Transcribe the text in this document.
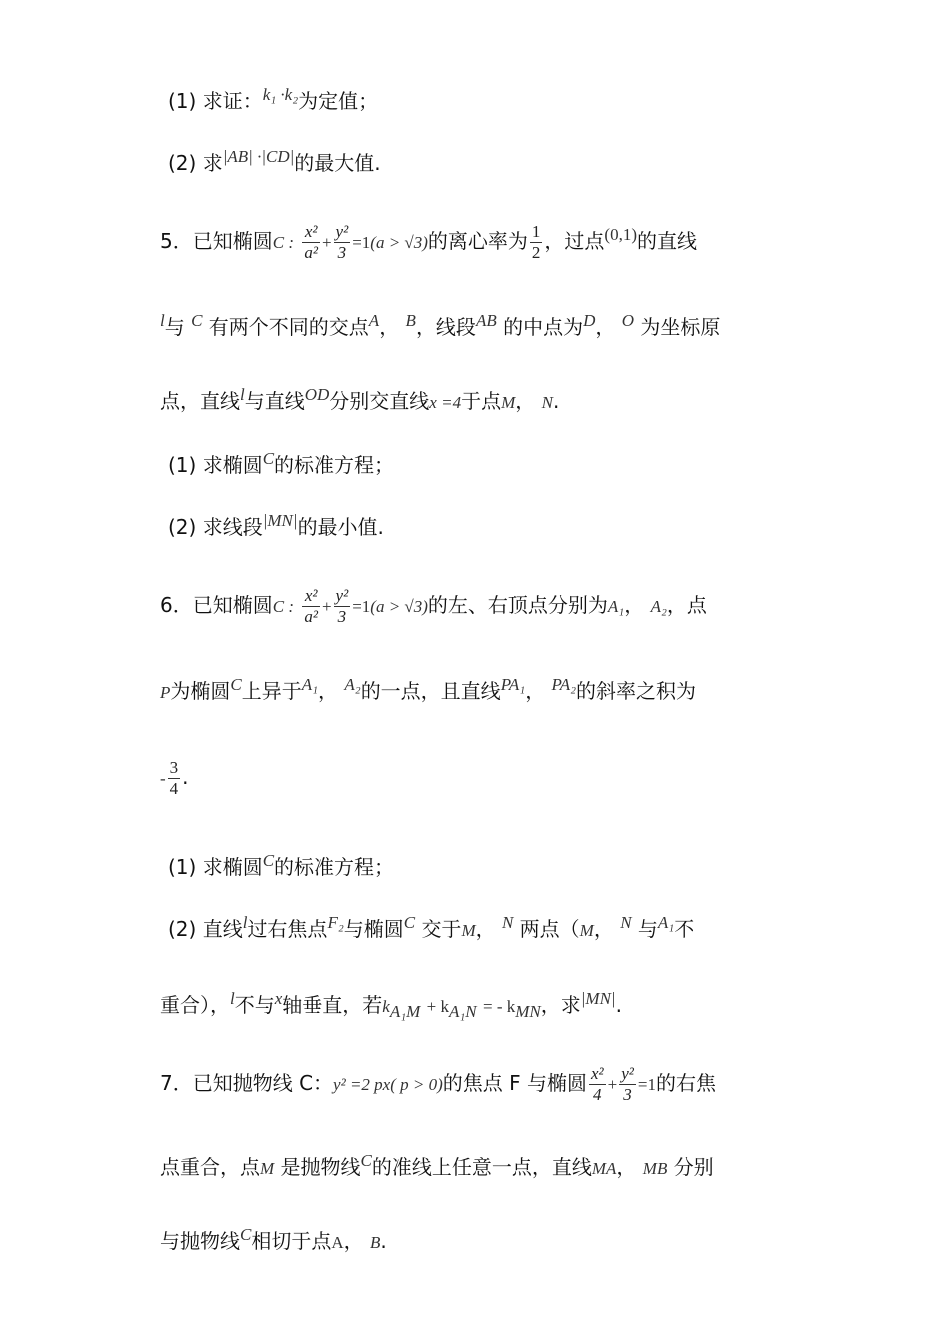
(1) 求证：$^{k_1 \cdot k_2}$为定值；
(2) 求$^{|AB| \cdot|CD|}$的最大值.
5．已知椭圆C : $\frac{\text{x²}}{\text{a²}} + \frac{\text{y²}}{3} =1(a > √3)$的离心率为 $\frac{1}{2}$ ，过点$^{(0,1)}$的直线
$^l$与 $^C$ 有两个不同的交点$^A$， $^B$，线段$^{AB}$ 的中点为$^D$， $^O$ 为坐标原
点，直线$^l$与直线$^{OD}$分别交直线x =4于点M， N.
(1) 求椭圆$^C$的标准方程；
(2) 求线段$^{|MN|}$的最小值.
6．已知椭圆C : $\frac{\text{x²}}{\text{a²}} + \frac{\text{y²}}{3} =1(a > √3)$的左、右顶点分别为A₁， A₂，点
P为椭圆$^C$上异于$^{A_1}$， $^{A_2}$的一点，且直线$^{PA_1}$， $^{PA_2}$的斜率之积为
- $\frac{3}{4}$ .
(1) 求椭圆$^C$的标准方程；
(2) 直线$^l$过右焦点$^{F_2}$与椭圆$^C$ 交于M， $^N$ 两点（M， $^N$ 与$^{A_1}$不
重合），$^l$不与$^x$轴垂直，若$k_{A_1M} + k_{A_1N}$ = - $k_{MN}$，求$^{|MN|}$.
7．已知抛物线 C：y² =2 px( p > 0)的焦点 F 与椭圆 $\frac{\text{x²}}{4} + \frac{\text{y²}}{3} =1$的右焦
点重合，点M 是抛物线$^C$的准线上任意一点，直线MA， MB 分别
与抛物线$^C$相切于点A， B.
